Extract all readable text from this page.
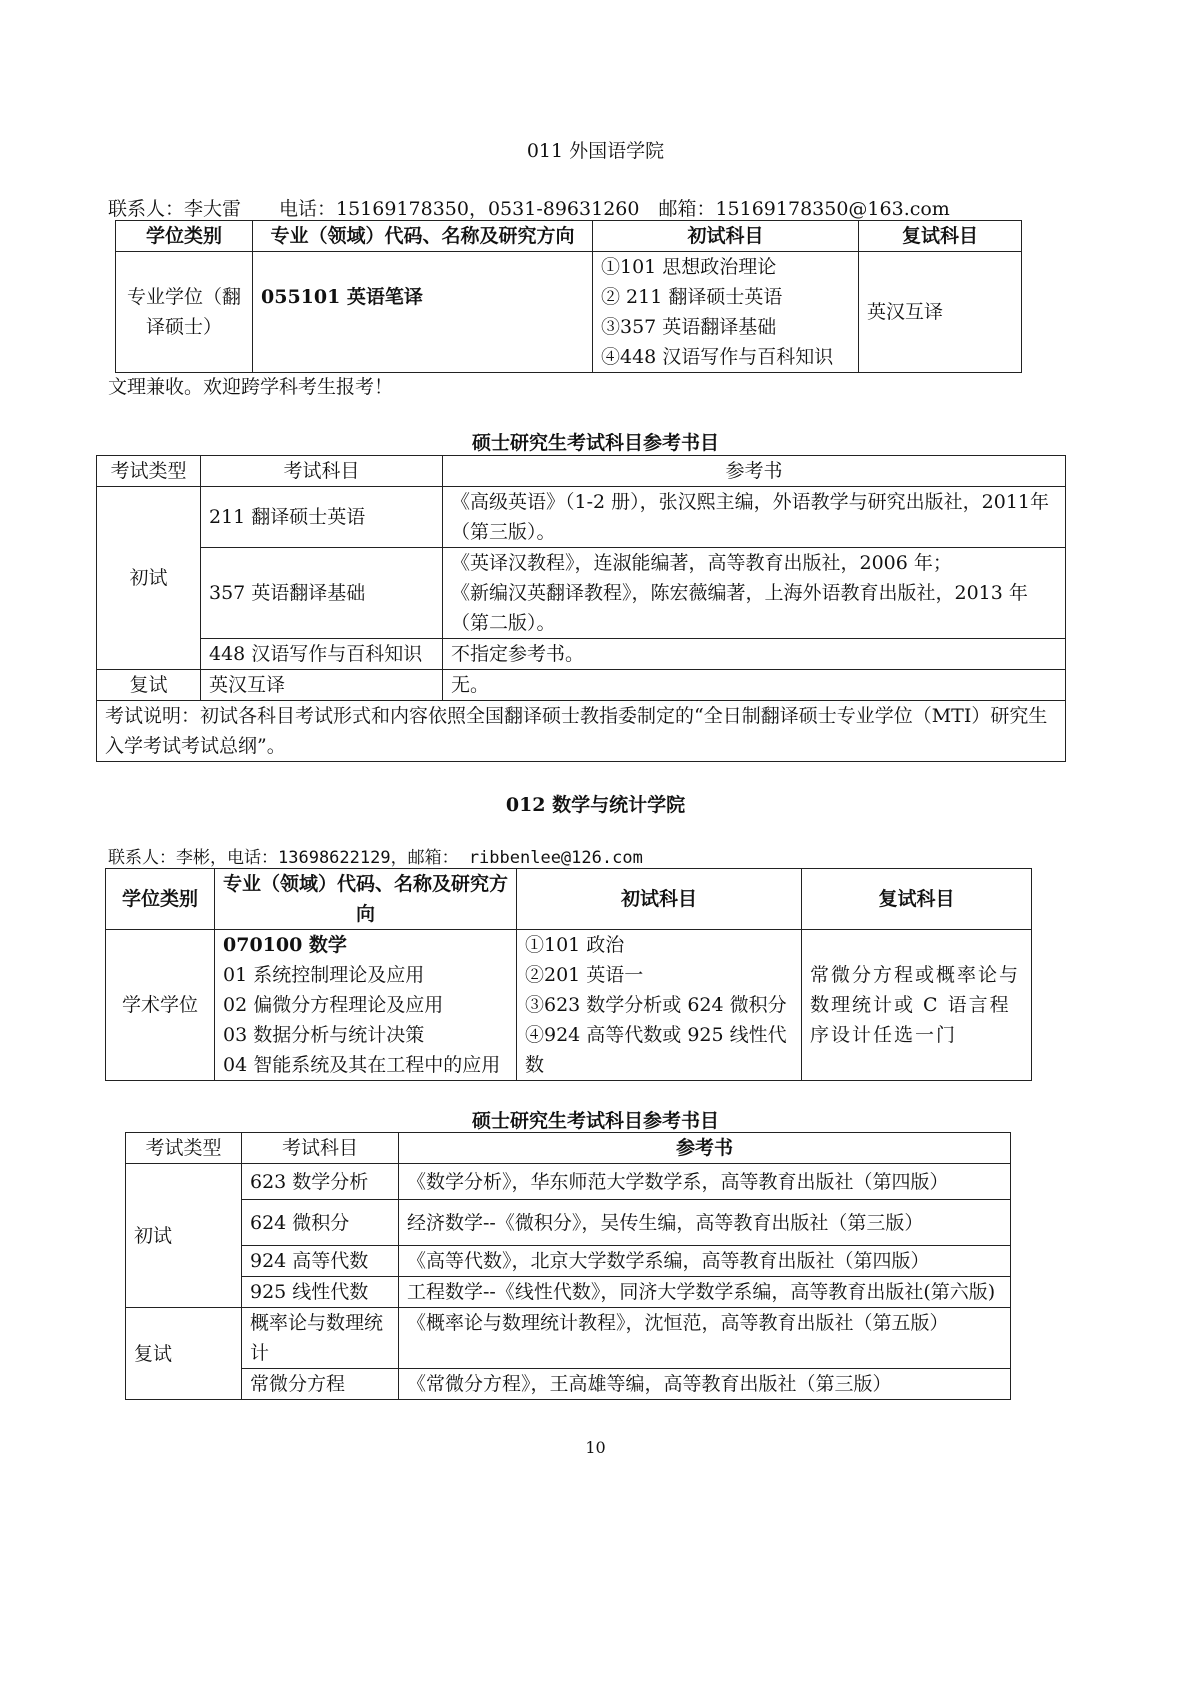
011 外国语学院
联系人：李大雷　　电话：15169178350，0531-89631260　邮箱：15169178350@163.com
学位类别	专业（领域）代码、名称及研究方向	初试科目	复试科目
专业学位（翻译硕士）	055101 英语笔译	①101 思想政治理论
② 211 翻译硕士英语
③357 英语翻译基础
④448 汉语写作与百科知识	英汉互译
文理兼收。欢迎跨学科考生报考！
硕士研究生考试科目参考书目
考试类型	考试科目	参考书
初试	211 翻译硕士英语	《高级英语》（1-2 册），张汉熙主编，外语教学与研究出版社，2011年（第三版）。
	357 英语翻译基础	《英译汉教程》，连淑能编著，高等教育出版社，2006 年；
《新编汉英翻译教程》，陈宏薇编著，上海外语教育出版社，2013 年（第二版）。

	448 汉语写作与百科知识	不指定参考书。
复试	英汉互译	无。
考试说明：初试各科目考试形式和内容依照全国翻译硕士教指委制定的“全日制翻译硕士专业学位（MTI）研究生入学考试考试总纲”。		
012 数学与统计学院
联系人：李彬，电话：13698622129，邮箱： ribbenlee@126.com
学位类别	专业（领域）代码、名称及研究方向	初试科目	复试科目
学术学位	070100 数学
01 系统控制理论及应用
02 偏微分方程理论及应用
03 数据分析与统计决策
04 智能系统及其在工程中的应用	①101 政治
②201 英语一
③623 数学分析或 624 微积分
④924 高等代数或 925 线性代数	常微分方程或概率论与数理统计或 C 语言程序设计任选一门
硕士研究生考试科目参考书目
考试类型	考试科目	参考书
初试	623 数学分析	《数学分析》，华东师范大学数学系，高等教育出版社（第四版）
	624 微积分	经济数学--《微积分》，吴传生编，高等教育出版社（第三版）
	924 高等代数	《高等代数》，北京大学数学系编，高等教育出版社（第四版）
	925 线性代数	工程数学--《线性代数》，同济大学数学系编，高等教育出版社(第六版)
复试	概率论与数理统计	《概率论与数理统计教程》，沈恒范，高等教育出版社（第五版）
	常微分方程	《常微分方程》，王高雄等编，高等教育出版社（第三版）
10
